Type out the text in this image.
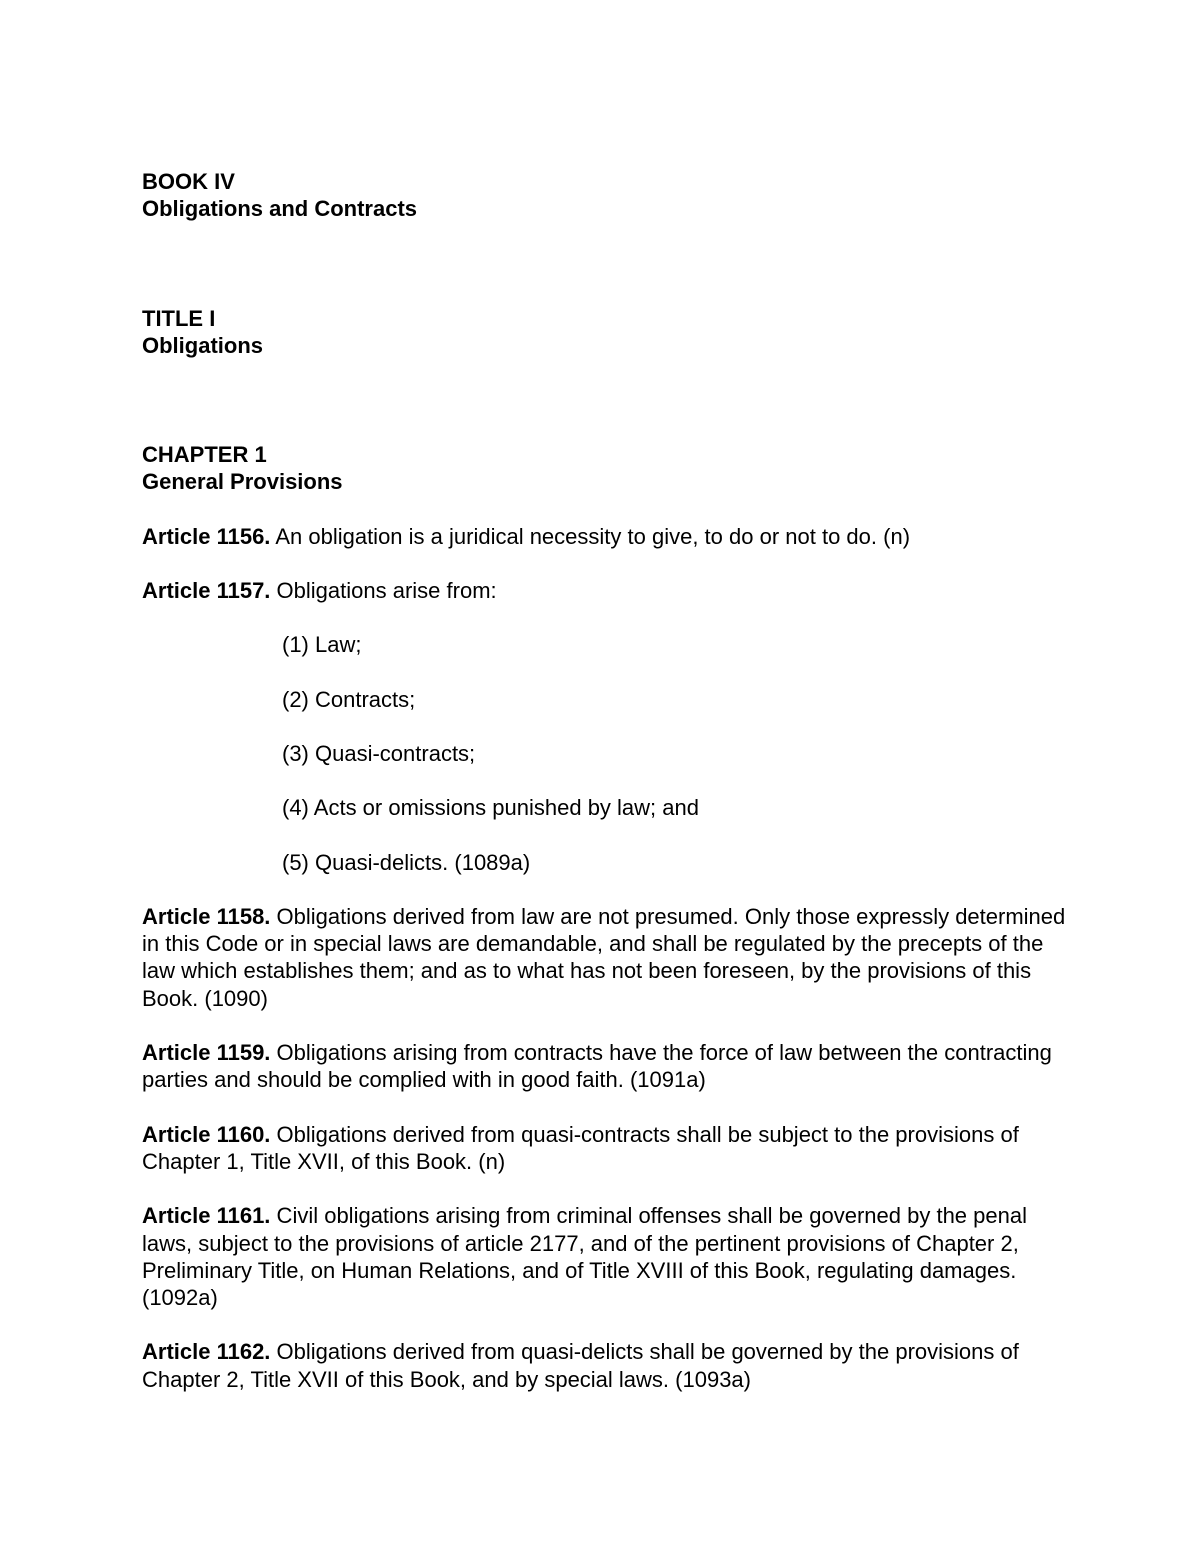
BOOK IV

Obligations and Contracts

TITLE I

Obligations

CHAPTER 1

General Provisions

Article 1156. An obligation is a juridical necessity to give, to do or not to do. (n)

Article 1157. Obligations arise from:

(1) Law;

(2) Contracts;

(3) Quasi-contracts;

(4) Acts or omissions punished by law; and

(5) Quasi-delicts. (1089a)

Article 1158. Obligations derived from law are not presumed. Only those expressly determined in this Code or in special laws are demandable, and shall be regulated by the precepts of the law which establishes them; and as to what has not been foreseen, by the provisions of this Book. (1090)

Article 1159. Obligations arising from contracts have the force of law between the contracting parties and should be complied with in good faith. (1091a)

Article 1160. Obligations derived from quasi-contracts shall be subject to the provisions of Chapter 1, Title XVII, of this Book. (n)

Article 1161. Civil obligations arising from criminal offenses shall be governed by the penal laws, subject to the provisions of article 2177, and of the pertinent provisions of Chapter 2, Preliminary Title, on Human Relations, and of Title XVIII of this Book, regulating damages. (1092a)

Article 1162. Obligations derived from quasi-delicts shall be governed by the provisions of Chapter 2, Title XVII of this Book, and by special laws. (1093a)
